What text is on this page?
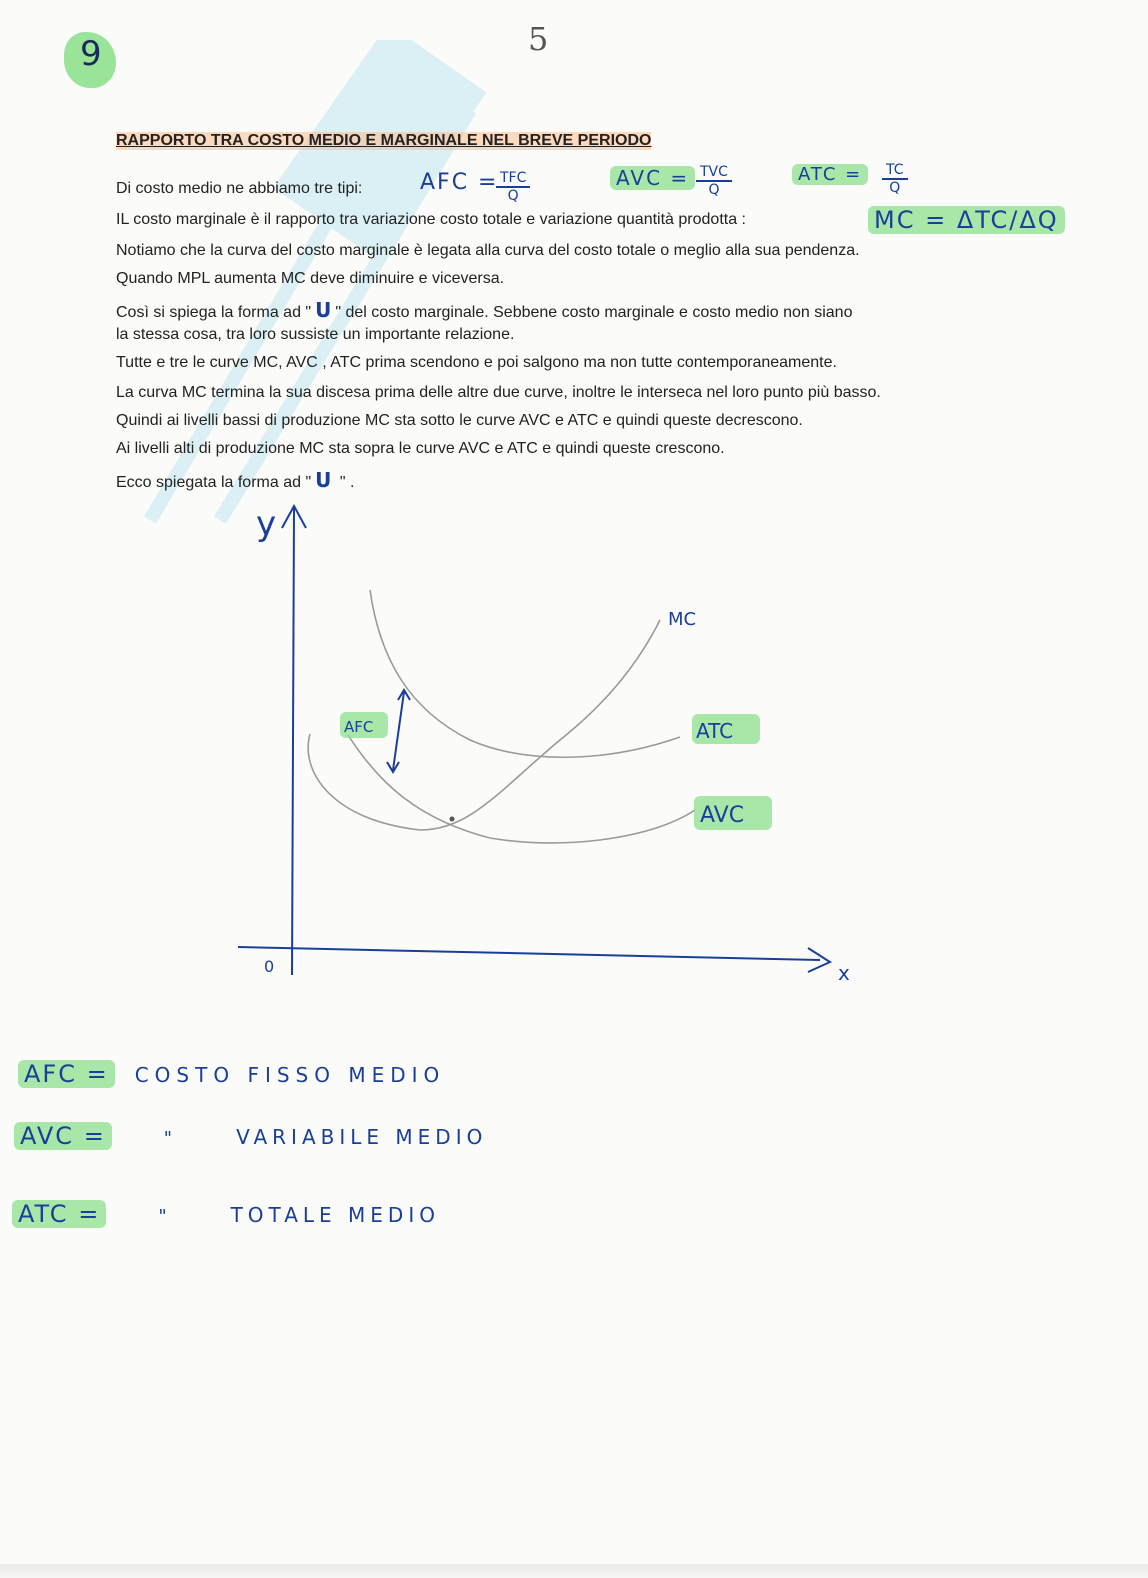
9	5
RAPPORTO TRA COSTO MEDIO E MARGINALE NEL BREVE PERIODO
Di costo medio ne abbiamo tre tipi:	AFC = TFC
Q
AVC = TVC
Q
ATC =	$\frac{TC}{Q}$
IL costo marginale è il rapporto tra variazione costo totale e variazione quantità prodotta :	MC = ΔTC/ΔQ
Notiamo che la curva del costo marginale è legata alla curva del costo totale o meglio alla sua pendenza.
Quando MPL aumenta MC deve diminuire e viceversa.
Così si spiega la forma ad " U " del costo marginale. Sebbene costo marginale e costo medio non siano
la stessa cosa, tra loro sussiste un importante relazione.
Tutte e tre le curve MC, AVC , ATC prima scendono e poi salgono ma non tutte contemporaneamente.
La curva MC termina la sua discesa prima delle altre due curve, inoltre le interseca nel loro punto più basso.
Quindi ai livelli bassi di produzione MC sta sotto le curve AVC e ATC e quindi queste decrescono.
Ai livelli alti di produzione MC sta sopra le curve AVC e ATC e quindi queste crescono.
Ecco spiegata la forma ad " U " .
y
x
0
MC
AFC	ATC
AVC
AFC = COSTO FISSO MEDIO
AVC =	"	VARIABILE MEDIO
ATC =	"	TOTALE MEDIO
